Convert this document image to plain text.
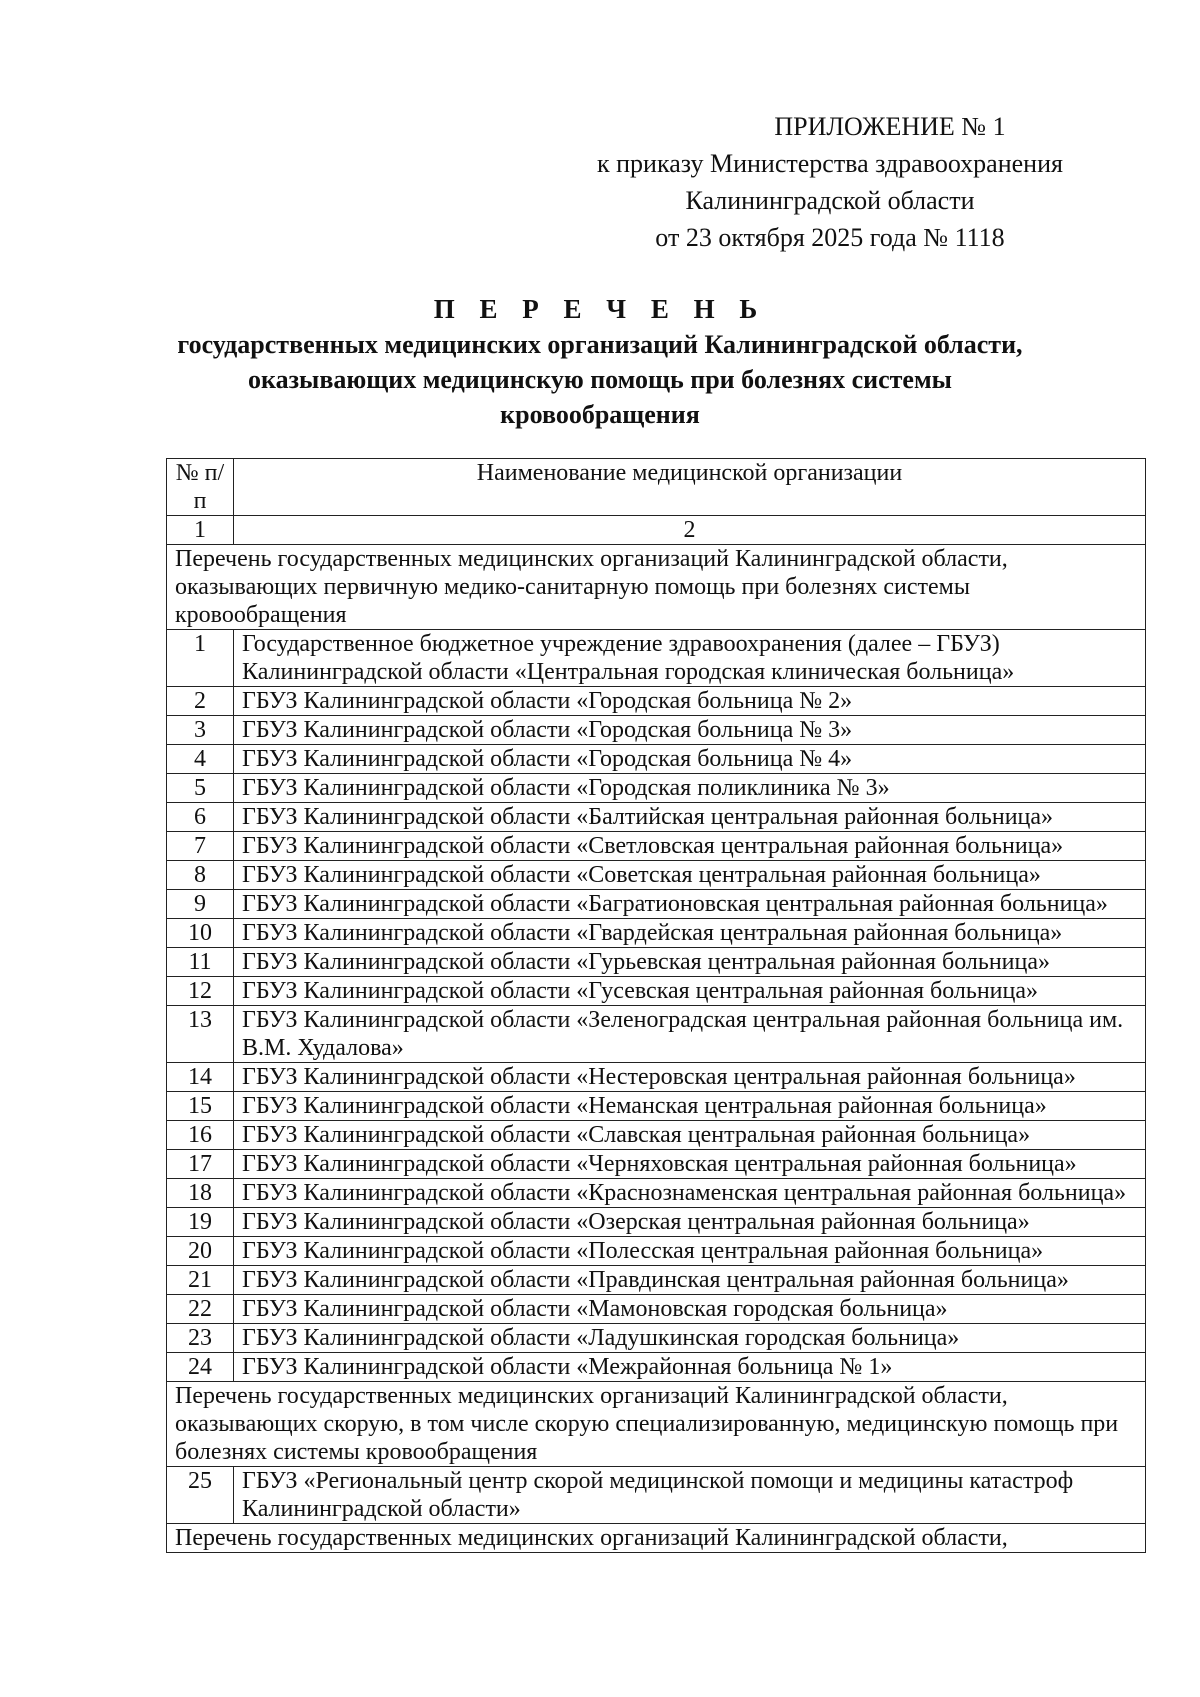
ПРИЛОЖЕНИЕ № 1
к приказу Министерства здравоохранения
Калининградской области
от 23 октября 2025 года № 1118
П Е Р Е Ч Е Н Ь
государственных медицинских организаций Калининградской области,
оказывающих медицинскую помощь при болезнях системы
кровообращения
№ п/п	Наименование медицинской организации
1	2
Перечень государственных медицинских организаций Калининградской области, оказывающих первичную медико-санитарную помощь при болезнях системы кровообращения	
1	Государственное бюджетное учреждение здравоохранения (далее – ГБУЗ) Калининградской области «Центральная городская клиническая больница»
2	ГБУЗ Калининградской области «Городская больница № 2»
3	ГБУЗ Калининградской области «Городская больница № 3»
4	ГБУЗ Калининградской области «Городская больница № 4»
5	ГБУЗ Калининградской области «Городская поликлиника № 3»
6	ГБУЗ Калининградской области «Балтийская центральная районная больница»
7	ГБУЗ Калининградской области «Светловская центральная районная больница»
8	ГБУЗ Калининградской области «Советская центральная районная больница»
9	ГБУЗ Калининградской области «Багратионовская центральная районная больница»
10	ГБУЗ Калининградской области «Гвардейская центральная районная больница»
11	ГБУЗ Калининградской области «Гурьевская центральная районная больница»
12	ГБУЗ Калининградской области «Гусевская центральная районная больница»
13	ГБУЗ Калининградской области «Зеленоградская центральная районная больница им. В.М. Худалова»
14	ГБУЗ Калининградской области «Нестеровская центральная районная больница»
15	ГБУЗ Калининградской области «Неманская центральная районная больница»
16	ГБУЗ Калининградской области «Славская центральная районная больница»
17	ГБУЗ Калининградской области «Черняховская центральная районная больница»
18	ГБУЗ Калининградской области «Краснознаменская центральная районная больница»
19	ГБУЗ Калининградской области «Озерская центральная районная больница»
20	ГБУЗ Калининградской области «Полесская центральная районная больница»
21	ГБУЗ Калининградской области «Правдинская центральная районная больница»
22	ГБУЗ Калининградской области «Мамоновская городская больница»
23	ГБУЗ Калининградской области «Ладушкинская городская больница»
24	ГБУЗ Калининградской области «Межрайонная больница № 1»
Перечень государственных медицинских организаций Калининградской области, оказывающих скорую, в том числе скорую специализированную, медицинскую помощь при болезнях системы кровообращения	
25	ГБУЗ «Региональный центр скорой медицинской помощи и медицины катастроф Калининградской области»
Перечень государственных медицинских организаций Калининградской области,	
